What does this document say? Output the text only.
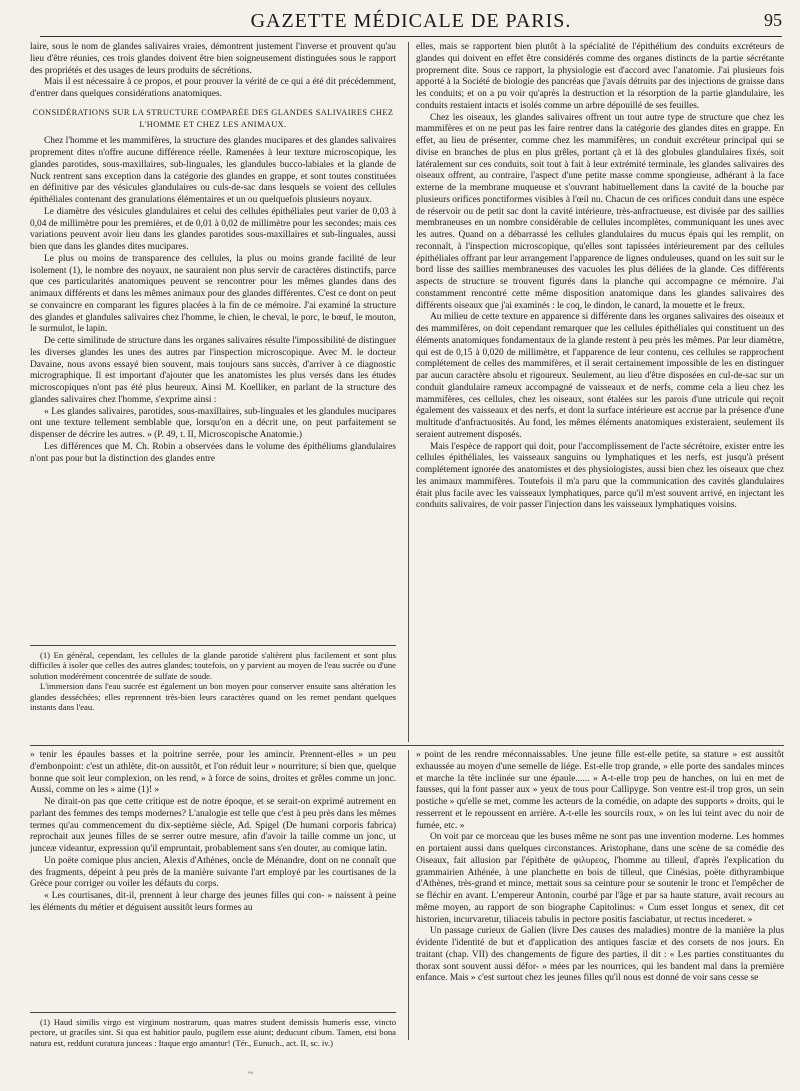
GAZETTE MÉDICALE DE PARIS.	95

laire, sous le nom de glandes salivaires vraies, démontrent justement l'inverse et prouvent qu'au lieu d'être réunies, ces trois glandes doivent être bien soigneusement distinguées sous le rapport des propriétés et des usages de leurs produits de sécrétions.

Mais il est nécessaire à ce propos, et pour prouver la vérité de ce qui a été dit précédemment, d'entrer dans quelques considérations anatomiques.

CONSIDÉRATIONS SUR LA STRUCTURE COMPARÉE DES GLANDES SALIVAIRES CHEZ L'HOMME ET CHEZ LES ANIMAUX.

Chez l'homme et les mammifères, la structure des glandes mucipares et des glandes salivaires proprement dites n'offre aucune différence réelle. Ramenées à leur texture microscopique, les glandes parotides, sous-maxillaires, sub-linguales, les glandules bucco-labiales et la glande de Nuck rentrent sans exception dans la catégorie des glandes en grappe, et sont toutes constituées en définitive par des vésicules glandulaires ou culs-de-sac dans lesquels se voient des cellules épithéliales contenant des granulations élémentaires et un ou quelquefois plusieurs noyaux.

Le diamètre des vésicules glandulaires et celui des cellules épithéliales peut varier de 0,03 à 0,04 de millimètre pour les premières, et de 0,01 à 0,02 de millimètre pour les secondes; mais ces variations peuvent avoir lieu dans les glandes parotides sous-maxillaires et sub-linguales, aussi bien que dans les glandes dites mucipares.

Le plus ou moins de transparence des cellules, la plus ou moins grande facilité de leur isolement (1), le nombre des noyaux, ne sauraient non plus servir de caractères distinctifs, parce que ces particularités anatomiques peuvent se rencontrer pour les mêmes glandes dans des animaux différents et dans les mêmes animaux pour des glandes différentes. C'est ce dont on peut se convaincre en comparant les figures placées à la fin de ce mémoire. J'ai examiné la structure des glandes et glandules salivaires chez l'homme, le chien, le cheval, le porc, le bœuf, le mouton, le surmulot, le lapin.

De cette similitude de structure dans les organes salivaires résulte l'impossibilité de distinguer les diverses glandes les unes des autres par l'inspection microscopique. Avec M. le docteur Davaine, nous avons essayé bien souvent, mais toujours sans succès, d'arriver à ce diagnostic micrographique. Il est important d'ajouter que les anatomistes les plus versés dans les études microscopiques n'ont pas été plus heureux. Ainsi M. Koelliker, en parlant de la structure des glandes salivaires chez l'homme, s'exprime ainsi :

« Les glandes salivaires, parotides, sous-maxillaires, sub-linguales et les glandules mucipares ont une texture tellement semblable que, lorsqu'on en a décrit une, on peut parfaitement se dispenser de décrire les autres. » (P. 49, t. II, Microscopische Anatomie.)

Les différences que M. Ch. Robin a observées dans le volume des épithéliums glandulaires n'ont pas pour but la distinction des glandes entre

(1) En général, cependant, les cellules de la glande parotide s'altèrent plus facilement et sont plus difficiles à isoler que celles des autres glandes; toutefois, on y parvient au moyen de l'eau sucrée ou d'une solution modérément concentrée de sulfate de soude.

L'immersion dans l'eau sucrée est également un bon moyen pour conserver ensuite sans altération les glandes desséchées; elles reprennent très-bien leurs caractères quand on les remet pendant quelques instants dans l'eau.

elles, mais se rapportent bien plutôt à la spécialité de l'épithélium des conduits excréteurs de glandes qui doivent en effet être considérés comme des organes distincts de la partie sécrétante proprement dite. Sous ce rapport, la physiologie est d'accord avec l'anatomie. J'ai plusieurs fois apporté à la Société de biologie des pancréas que j'avais détruits par des injections de graisse dans les conduits; et on a pu voir qu'après la destruction et la résorption de la partie glandulaire, les conduits restaient intacts et isolés comme un arbre dépouillé de ses feuilles.

Chez les oiseaux, les glandes salivaires offrent un tout autre type de structure que chez les mammifères et on ne peut pas les faire rentrer dans la catégorie des glandes dites en grappe. En effet, au lieu de présenter, comme chez les mammifères, un conduit excréteur principal qui se divise en branches de plus en plus grêles, portant çà et là des globules glandulaires fixés, soit latéralement sur ces conduits, soit tout à fait à leur extrémité terminale, les glandes salivaires des oiseaux offrent, au contraire, l'aspect d'une petite masse comme spongieuse, adhérant à la face externe de la membrane muqueuse et s'ouvrant habituellement dans la cavité de la bouche par plusieurs orifices ponctiformes visibles à l'œil nu. Chacun de ces orifices conduit dans une espèce de réservoir ou de petit sac dont la cavité intérieure, très-anfractueuse, est divisée par des saillies membraneuses en un nombre considérable de cellules incomplètes, communiquant les unes avec les autres. Quand on a débarrassé les cellules glandulaires du mucus épais qui les remplit, on reconnaît, à l'inspection microscopique, qu'elles sont tapissées intérieurement par des cellules épithéliales offrant par leur arrangement l'apparence de lignes onduleuses, quand on les suit sur le bord lisse des saillies membraneuses des vacuoles les plus déliées de la glande. Ces différents aspects de structure se trouvent figurés dans la planche qui accompagne ce mémoire. J'ai constamment rencontré cette même disposition anatomique dans les glandes salivaires des différents oiseaux que j'ai examinés : le coq, le dindon, le canard, la mouette et le freux.

Au milieu de cette texture en apparence si différente dans les organes salivaires des oiseaux et des mammifères, on doit cependant remarquer que les cellules épithéliales qui constituent un des éléments anatomiques fondamentaux de la glande restent à peu près les mêmes. Par leur diamètre, qui est de 0,15 à 0,020 de millimètre, et l'apparence de leur contenu, ces cellules se rapprochent complétement de celles des mammifères, et il serait certainement impossible de les en distinguer par aucun caractère absolu et rigoureux. Seulement, au lieu d'être disposées en cul-de-sac sur un conduit glandulaire rameux accompagné de vaisseaux et de nerfs, comme cela a lieu chez les mammifères, ces cellules, chez les oiseaux, sont étalées sur les parois d'une utricule qui reçoit également des vaisseaux et des nerfs, et dont la surface intérieure est accrue par la présence d'une multitude d'anfractuosités. Au fond, les mêmes éléments anatomiques existeraient, seulement ils seraient autrement disposés.

Mais l'espèce de rapport qui doit, pour l'accomplissement de l'acte sécrétoire, exister entre les cellules épithéliales, les vaisseaux sanguins ou lymphatiques et les nerfs, est jusqu'à présent complétement ignorée des anatomistes et des physiologistes, aussi bien chez les oiseaux que chez les animaux mammifères. Toutefois il m'a paru que la communication des cavités glandulaires était plus facile avec les vaisseaux lymphatiques, parce qu'il m'est souvent arrivé, en injectant les conduits salivaires, de voir passer l'injection dans les vaisseaux lymphatiques voisins.

» tenir les épaules basses et la poitrine serrée, pour les amincir. Prennent-elles » un peu d'embonpoint: c'est un athlète, dit-on aussitôt, et l'on réduit leur » nourriture; si bien que, quelque bonne que soit leur complexion, on les rend, » à force de soins, droites et grêles comme un jonc. Aussi, comme on les » aime (1)! »

Ne dirait-on pas que cette critique est de notre époque, et se serait-on exprimé autrement en parlant des femmes des temps modernes? L'analogie est telle que c'est à peu près dans les mêmes termes qu'au commencement du dix-septième siècle, Ad. Spigel (De humani corporis fabrica) reprochait aux jeunes filles de se serrer outre mesure, afin d'avoir la taille comme un jonc, ut junceæ videantur, expression qu'il empruntait, probablement sans s'en douter, au comique latin.

Un poëte comique plus ancien, Alexis d'Athènes, oncle de Ménandre, dont on ne connaît que des fragments, dépeint à peu près de la manière suivante l'art employé par les courtisanes de la Grèce pour corriger ou voiler les défauts du corps.

« Les courtisanes, dit-il, prennent à leur charge des jeunes filles qui con- » naissent à peine les éléments du métier et déguisent aussitôt leurs formes au

(1) Haud similis virgo est virginum nostrarum, quas matres student demissis humeris esse, vincto pectore, ut graciles sint. Si qua est habitior paulo, pugilem esse aiunt; deducunt cibum. Tamen, etsi bona natura est, reddunt curatura junceas : Itaque ergo amantur! (Tér., Eunuch., act. II, sc. iv.)

» point de les rendre méconnaissables. Une jeune fille est-elle petite, sa stature » est aussitôt exhaussée au moyen d'une semelle de liége. Est-elle trop grande, » elle porte des sandales minces et marche la tête inclinée sur une épaule...... » A-t-elle trop peu de hanches, on lui en met de fausses, qui la font passer aux » yeux de tous pour Callipyge. Son ventre est-il trop gros, un sein postiche » qu'elle se met, comme les acteurs de la comédie, on adapte des supports » droits, qui le resserrent et le repoussent en arrière. A-t-elle les sourcils roux, » on les lui teint avec du noir de fumée, etc. »

On voit par ce morceau que les buses même ne sont pas une invention moderne. Les hommes en portaient aussi dans quelques circonstances. Aristophane, dans une scène de sa comédie des Oiseaux, fait allusion par l'épithète de φιλυρεος, l'homme au tilleul, d'après l'explication du grammairien Athénée, à une planchette en bois de tilleul, que Cinésias, poëte dithyrambique d'Athènes, très-grand et mince, mettait sous sa ceinture pour se soutenir le tronc et l'empêcher de se fléchir en avant. L'empereur Antonin, courbé par l'âge et par sa haute stature, avait recours au même moyen, au rapport de son biographe Capitolinus: « Cum esset longus et senex, dit cet historien, incurvaretur, tiliaceis tabulis in pectore positis fasciabatur, ut rectus incederet. »

Un passage curieux de Galien (livre Des causes des maladies) montre de la manière la plus évidente l'identité de but et d'application des antiques fasciæ et des corsets de nos jours. En traitant (chap. VII) des changements de figure des parties, il dit : « Les parties constituantes du thorax sont souvent aussi défor- » mées par les nourrices, qui les bandent mal dans la première enfance. Mais » c'est surtout chez les jeunes filles qu'il nous est donné de voir sans cesse se

~
